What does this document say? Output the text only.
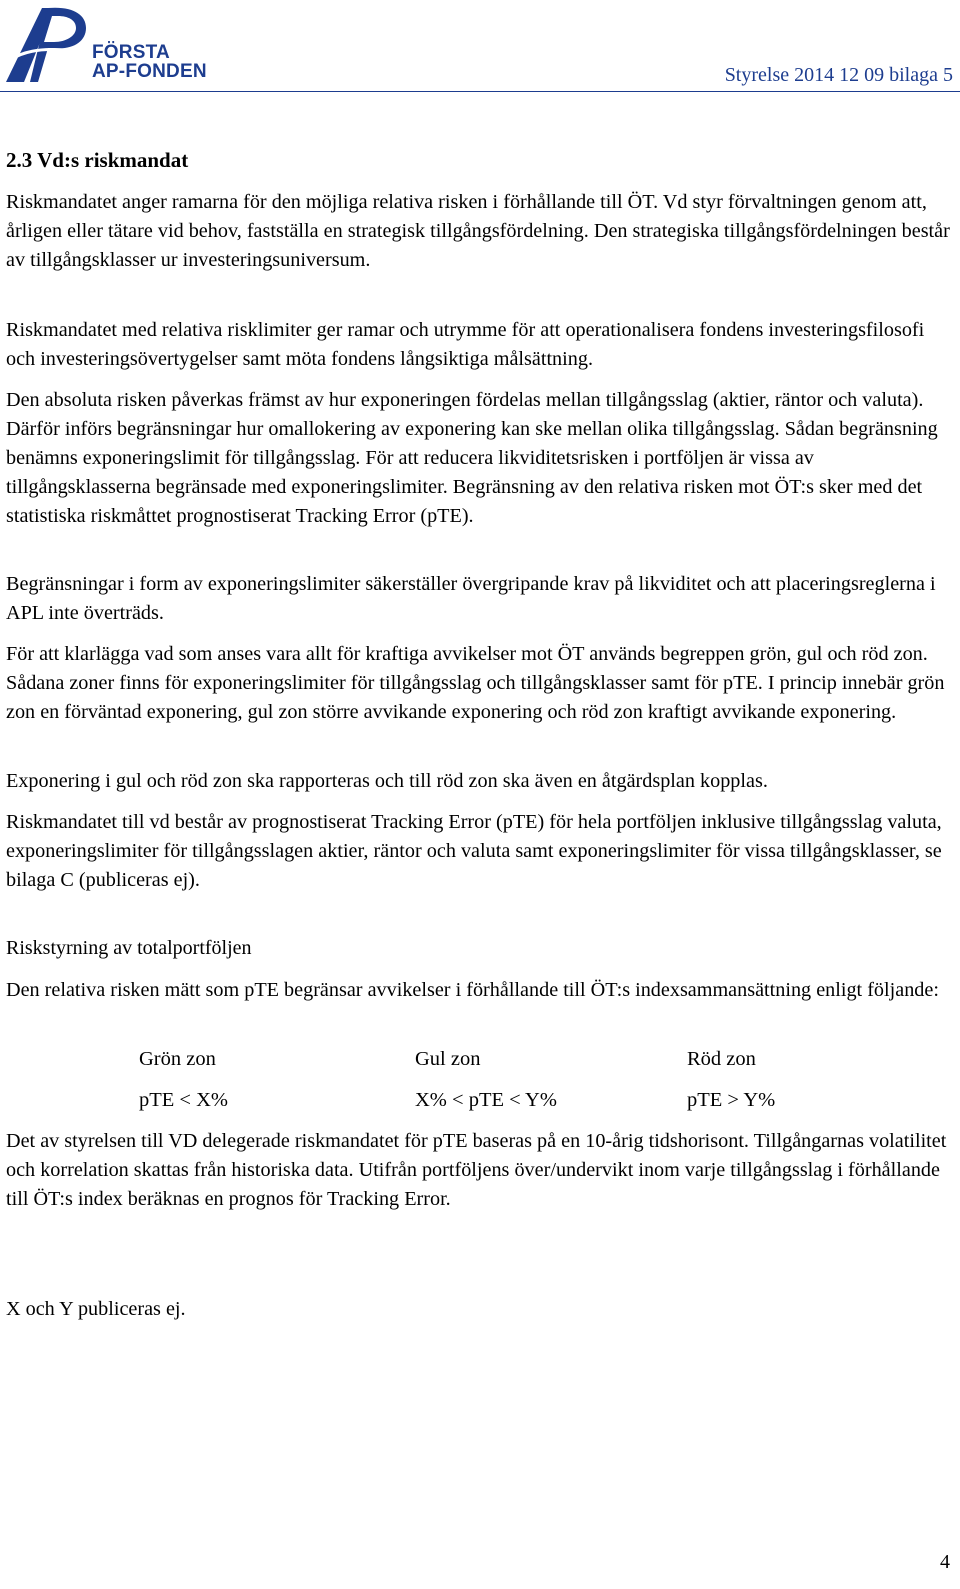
FÖRSTA
AP-FONDEN	Styrelse 2014 12 09 bilaga 5
2.3 Vd:s riskmandat

Riskmandatet anger ramarna för den möjliga relativa risken i förhållande till ÖT. Vd styr förvaltningen genom att, årligen eller tätare vid behov, fastställa en strategisk tillgångsfördelning. Den strategiska tillgångsfördelningen består av tillgångsklasser ur investeringsuniversum.

Riskmandatet med relativa risklimiter ger ramar och utrymme för att operationalisera fondens investeringsfilosofi och investeringsövertygelser samt möta fondens långsiktiga målsättning.

Den absoluta risken påverkas främst av hur exponeringen fördelas mellan tillgångsslag (aktier, räntor och valuta). Därför införs begränsningar hur omallokering av exponering kan ske mellan olika tillgångsslag. Sådan begränsning benämns exponeringslimit för tillgångsslag. För att reducera likviditetsrisken i portföljen är vissa av tillgångsklasserna begränsade med exponeringslimiter. Begränsning av den relativa risken mot ÖT:s sker med det statistiska riskmåttet prognostiserat Tracking Error (pTE).

Begränsningar i form av exponeringslimiter säkerställer övergripande krav på likviditet och att placeringsreglerna i APL inte överträds.

För att klarlägga vad som anses vara allt för kraftiga avvikelser mot ÖT används begreppen grön, gul och röd zon. Sådana zoner finns för exponeringslimiter för tillgångsslag och tillgångsklasser samt för pTE. I princip innebär grön zon en förväntad exponering, gul zon större avvikande exponering och röd zon kraftigt avvikande exponering.

Exponering i gul och röd zon ska rapporteras och till röd zon ska även en åtgärdsplan kopplas.

Riskmandatet till vd består av prognostiserat Tracking Error (pTE) för hela portföljen inklusive tillgångsslag valuta, exponeringslimiter för tillgångsslagen aktier, räntor och valuta samt exponeringslimiter för vissa tillgångsklasser, se bilaga C (publiceras ej).

Riskstyrning av totalportföljen

Den relativa risken mätt som pTE begränsar avvikelser i förhållande till ÖT:s indexsammansättning enligt följande:

Grön zon	Gul zon	Röd zon
pTE < X%	X% < pTE < Y%	pTE > Y%

Det av styrelsen till VD delegerade riskmandatet för pTE baseras på en 10-årig tidshorisont. Tillgångarnas volatilitet och korrelation skattas från historiska data. Utifrån portföljens över/undervikt inom varje tillgångsslag i förhållande till ÖT:s index beräknas en prognos för Tracking Error.

X och Y publiceras ej.

4
